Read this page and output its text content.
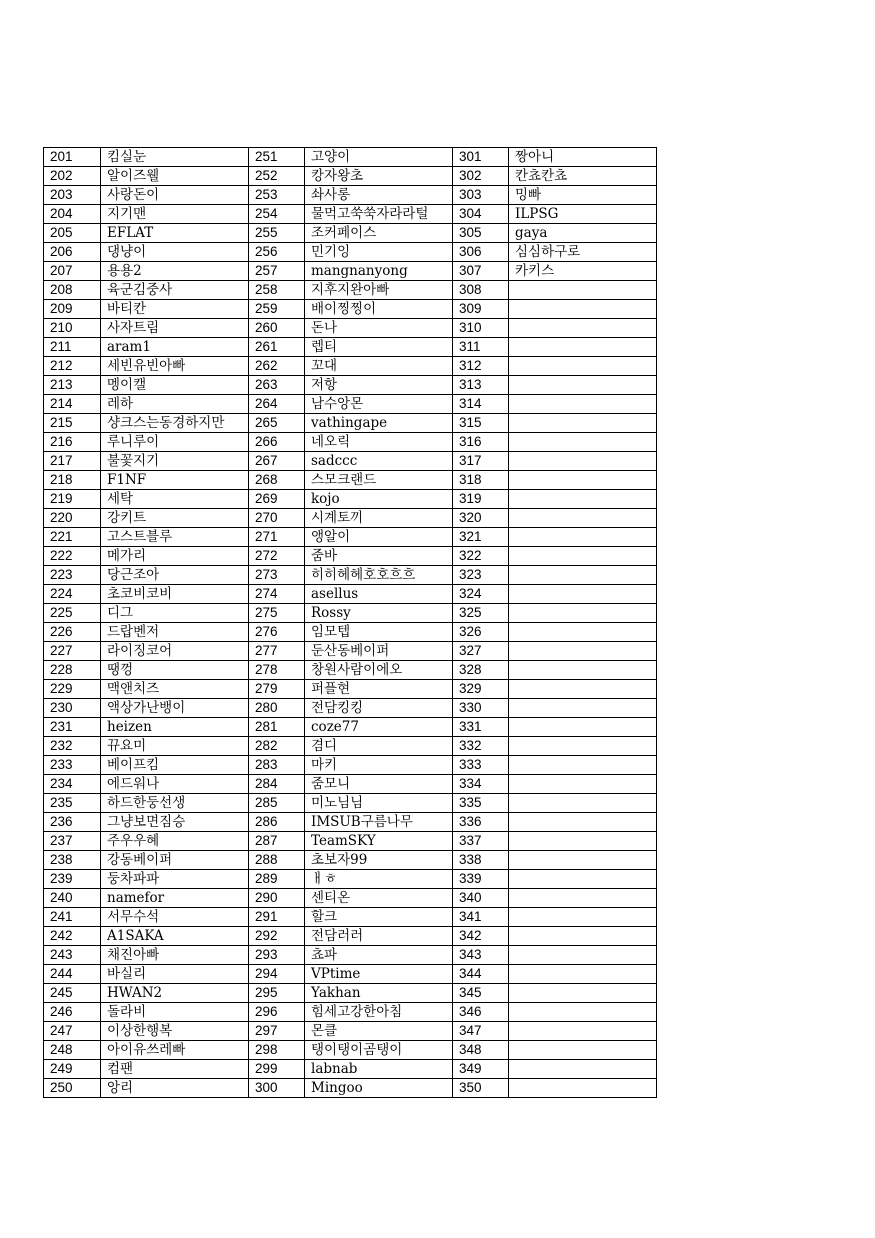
201	킴실눈	251	고양이	301	짱아니
202	알이즈웰	252	캉자왕초	302	칸쵸칸쵸
203	사랑돈이	253	솨사롱	303	밍빠
204	지기맨	254	물먹고쑥쑥자라라털	304	ILPSG
205	EFLAT	255	조커페이스	305	gaya
206	댕냥이	256	민기잉	306	심심하구로
207	용용2	257	mangnanyong	307	카키스
208	육군김중사	258	지후지완아빠	308	
209	바티칸	259	배이찡찡이	309	
210	사자트림	260	돈나	310	
211	aram1	261	렙티	311	
212	세빈유빈아빠	262	꼬대	312	
213	멩이캘	263	저항	313	
214	레하	264	남수앙몬	314	
215	샹크스는동경하지만	265	vathingape	315	
216	루니루이	266	네오릭	316	
217	불꽃지기	267	sadccc	317	
218	F1NF	268	스모크랜드	318	
219	세탁	269	kojo	319	
220	강키트	270	시계토끼	320	
221	고스트블루	271	앵알이	321	
222	메가리	272	줌바	322	
223	당근조아	273	히히헤헤호호흐흐	323	
224	초코비코비	274	asellus	324	
225	디그	275	Rossy	325	
226	드랍벤저	276	임모텝	326	
227	라이징코어	277	둔산동베이퍼	327	
228	땡껑	278	창원사람이에오	328	
229	맥앤치즈	279	퍼플현	329	
230	액상가난뱅이	280	전담킹킹	330	
231	heizen	281	coze77	331	
232	뀨요미	282	겸디	332	
233	베이프킴	283	마키	333	
234	에드워나	284	줌모니	334	
235	하드한둥선생	285	미노님님	335	
236	그냥보면짐승	286	IMSUB구름나무	336	
237	주우우혜	287	TeamSKY	337	
238	강동베이퍼	288	초보자99	338	
239	둥차파파	289	ㅐㅎ	339	
240	namefor	290	센티온	340	
241	서무수석	291	할크	341	
242	A1SAKA	292	전담러러	342	
243	채진아빠	293	쵸파	343	
244	바실리	294	VPtime	344	
245	HWAN2	295	Yakhan	345	
246	돌라비	296	힘세고강한아침	346	
247	이상한행복	297	몬클	347	
248	아이유쓰레빠	298	탱이탱이곰탱이	348	
249	컴팬	299	labnab	349	
250	앙리	300	Mingoo	350	
